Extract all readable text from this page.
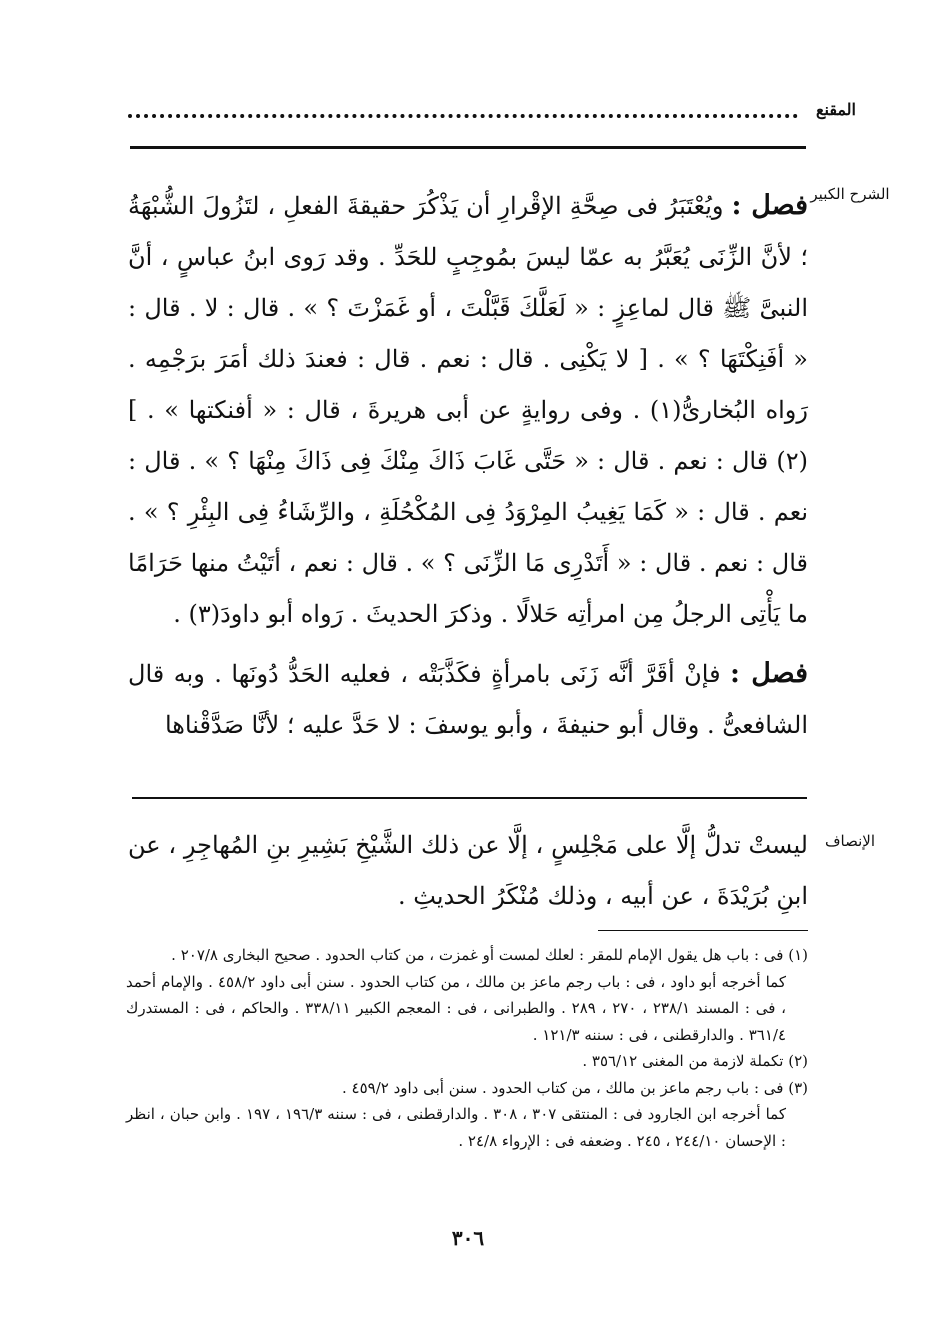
المقنع
الشرح الكبير

فصل : ويُعْتَبَرُ فى صِحَّةِ الإقْرارِ أن يَذْكُرَ حقيقةَ الفعلِ ، لتَزُولَ الشُّبْهَةُ ؛ لأنَّ الزِّنَى يُعَبَّرُ به عمّا ليسَ بمُوجِبٍ للحَدِّ . وقد رَوى ابنُ عباسٍ ، أنَّ النبىَّ ﷺ قال لماعِزٍ : « لَعَلَّكَ قَبَّلْتَ ، أو غَمَزْتَ ؟ » . قال : لا . قال : « أفَنِكْتَهَا ؟ » . [ لا يَكْنِى . قال : نعم . قال : فعندَ ذلك أمَرَ برَجْمِه . رَواه البُخارىُّ(١) . وفى روايةٍ عن أبى هريرةَ ، قال : « أفنكتها » . ](٢) قال : نعم . قال : « حَتَّى غَابَ ذَاكَ مِنْكَ فِى ذَاكَ مِنْهَا ؟ » . قال : نعم . قال : « كَمَا يَغِيبُ المِرْوَدُ فِى المُكْحُلَةِ ، والرِّشَاءُ فِى البِئْرِ ؟ » . قال : نعم . قال : « أَتَدْرِى مَا الزِّنَى ؟ » . قال : نعم ، أتَيْتُ منها حَرَامًا ما يَأْتِى الرجلُ مِن امرأتِه حَلالًا . وذكرَ الحديثَ . رَواه أبو داودَ(٣) .

فصل : فإنْ أقَرَّ أنَّه زَنَى بامرأةٍ فكَذَّبَتْه ، فعليه الحَدُّ دُونَها . وبه قال الشافعىُّ . وقال أبو حنيفةَ ، وأبو يوسفَ : لا حَدَّ عليه ؛ لأنَّا صَدَّقْناها

الإنصاف

ليستْ تدلُّ إلَّا على مَجْلِسٍ ، إلَّا عن ذلك الشَّيْخِ بَشِيرِ بنِ المُهاجِرِ ، عن ابنِ بُرَيْدَةَ ، عن أبيه ، وذلك مُنْكَرُ الحديثِ .

(١) فى : باب هل يقول الإمام للمقر : لعلك لمست أو غمزت ، من كتاب الحدود . صحيح البخارى ٢٠٧/٨ .

كما أخرجه أبو داود ، فى : باب رجم ماعز بن مالك ، من كتاب الحدود . سنن أبى داود ٤٥٨/٢ . والإمام أحمد ، فى : المسند ٢٣٨/١ ، ٢٧٠ ، ٢٨٩ . والطبرانى ، فى : المعجم الكبير ٣٣٨/١١ . والحاكم ، فى : المستدرك ٣٦١/٤ . والدارقطنى ، فى : سننه ١٢١/٣ .

(٢) تكملة لازمة من المغنى ٣٥٦/١٢ .

(٣) فى : باب رجم ماعز بن مالك ، من كتاب الحدود . سنن أبى داود ٤٥٩/٢ .

كما أخرجه ابن الجارود فى : المنتقى ٣٠٧ ، ٣٠٨ . والدارقطنى ، فى : سننه ١٩٦/٣ ، ١٩٧ . وابن حبان ، انظر : الإحسان ٢٤٤/١٠ ، ٢٤٥ . وضعفه فى : الإرواء ٢٤/٨ .

٣٠٦
